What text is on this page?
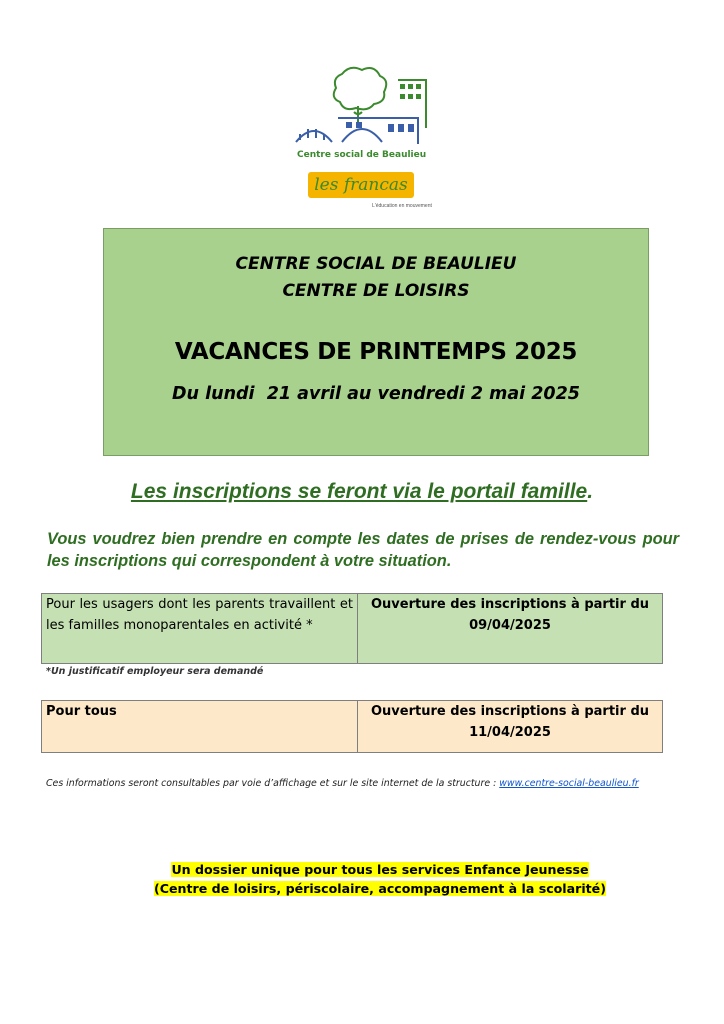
Centre social de Beaulieu
les francas
L'éducation en mouvement
CENTRE SOCIAL DE BEAULIEU
CENTRE DE LOISIRS
VACANCES DE PRINTEMPS 2025
Du lundi  21 avril au vendredi 2 mai 2025
Les inscriptions se feront via le portail famille.
Vous voudrez bien prendre en compte les dates de prises de rendez-vous pour les inscriptions qui correspondent à votre situation.
Pour les usagers dont les parents travaillent et les familles monoparentales en activité *	Ouverture des inscriptions à partir du 09/04/2025
*Un justificatif employeur sera demandé
Pour tous	Ouverture des inscriptions à partir du 11/04/2025
Ces informations seront consultables par voie d’affichage et sur le site internet de la structure : www.centre-social-beaulieu.fr
Un dossier unique pour tous les services Enfance Jeunesse
(Centre de loisirs, périscolaire, accompagnement à la scolarité)
